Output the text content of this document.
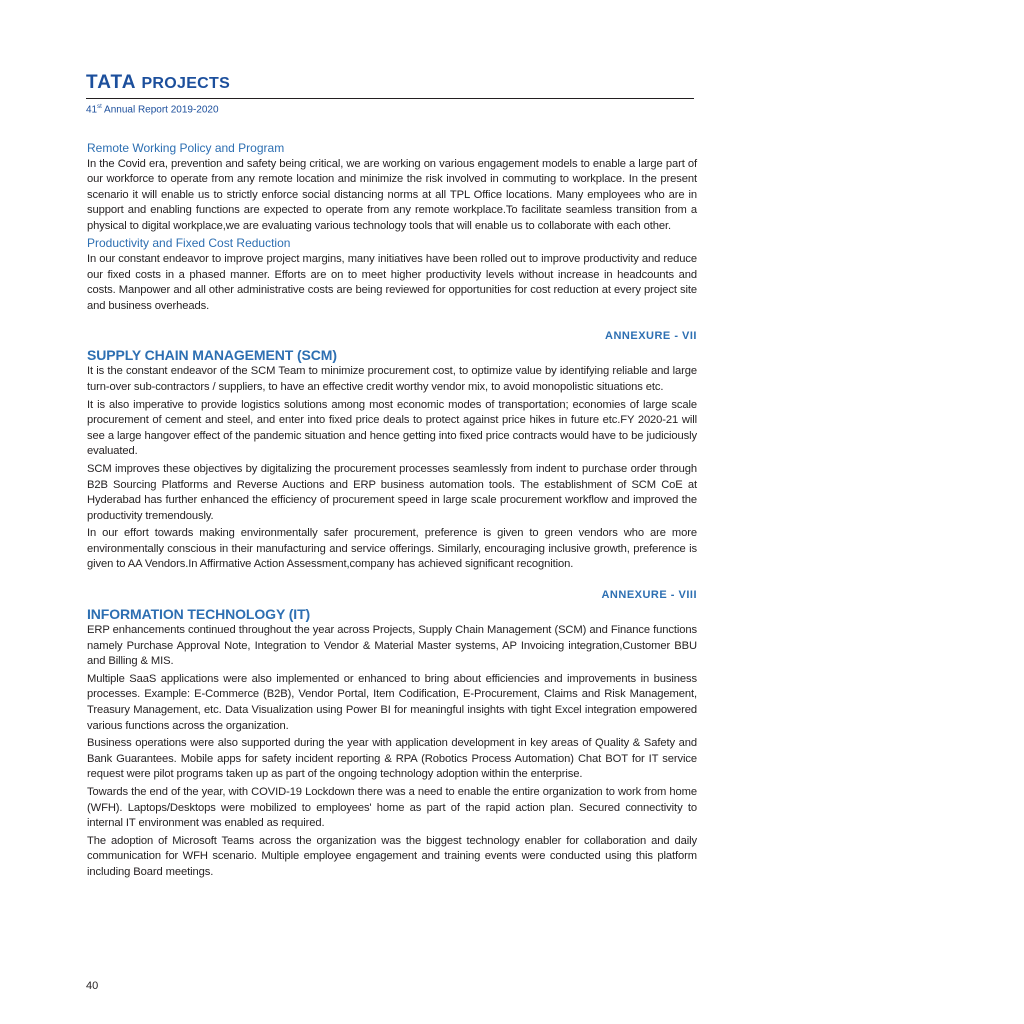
TATA PROJECTS
41st Annual Report 2019-2020

Remote Working Policy and Program

In the Covid era, prevention and safety being critical, we are working on various engagement models to enable a large part of our workforce to operate from any remote location and minimize the risk involved in commuting to workplace. In the present scenario it will enable us to strictly enforce social distancing norms at all TPL Office locations. Many employees who are in support and enabling functions are expected to operate from any remote workplace.To facilitate seamless transition from a physical to digital workplace,we are evaluating various technology tools that will enable us to collaborate with each other.

Productivity and Fixed Cost Reduction

In our constant endeavor to improve project margins, many initiatives have been rolled out to improve productivity and reduce our fixed costs in a phased manner. Efforts are on to meet higher productivity levels without increase in headcounts and costs. Manpower and all other administrative costs are being reviewed for opportunities for cost reduction at every project site and business overheads.

ANNEXURE - VII

SUPPLY CHAIN MANAGEMENT (SCM)

It is the constant endeavor of the SCM Team to minimize procurement cost, to optimize value by identifying reliable and large turn-over sub-contractors / suppliers, to have an effective credit worthy vendor mix, to avoid monopolistic situations etc.

It is also imperative to provide logistics solutions among most economic modes of transportation; economies of large scale procurement of cement and steel, and enter into fixed price deals to protect against price hikes in future etc.FY 2020-21 will see a large hangover effect of the pandemic situation and hence getting into fixed price contracts would have to be judiciously evaluated.

SCM improves these objectives by digitalizing the procurement processes seamlessly from indent to purchase order through B2B Sourcing Platforms and Reverse Auctions and ERP business automation tools. The establishment of SCM CoE at Hyderabad has further enhanced the efficiency of procurement speed in large scale procurement workflow and improved the productivity tremendously.

In our effort towards making environmentally safer procurement, preference is given to green vendors who are more environmentally conscious in their manufacturing and service offerings. Similarly, encouraging inclusive growth, preference is given to AA Vendors.In Affirmative Action Assessment,company has achieved significant recognition.

ANNEXURE - VIII

INFORMATION TECHNOLOGY (IT)

ERP enhancements continued throughout the year across Projects, Supply Chain Management (SCM) and Finance functions namely Purchase Approval Note, Integration to Vendor & Material Master systems, AP Invoicing integration,Customer BBU and Billing & MIS.

Multiple SaaS applications were also implemented or enhanced to bring about efficiencies and improvements in business processes. Example: E-Commerce (B2B), Vendor Portal, Item Codification, E-Procurement, Claims and Risk Management, Treasury Management, etc. Data Visualization using Power BI for meaningful insights with tight Excel integration empowered various functions across the organization.

Business operations were also supported during the year with application development in key areas of Quality & Safety and Bank Guarantees. Mobile apps for safety incident reporting & RPA (Robotics Process Automation) Chat BOT for IT service request were pilot programs taken up as part of the ongoing technology adoption within the enterprise.

Towards the end of the year, with COVID-19 Lockdown there was a need to enable the entire organization to work from home (WFH). Laptops/Desktops were mobilized to employees' home as part of the rapid action plan. Secured connectivity to internal IT environment was enabled as required.

The adoption of Microsoft Teams across the organization was the biggest technology enabler for collaboration and daily communication for WFH scenario. Multiple employee engagement and training events were conducted using this platform including Board meetings.

40
